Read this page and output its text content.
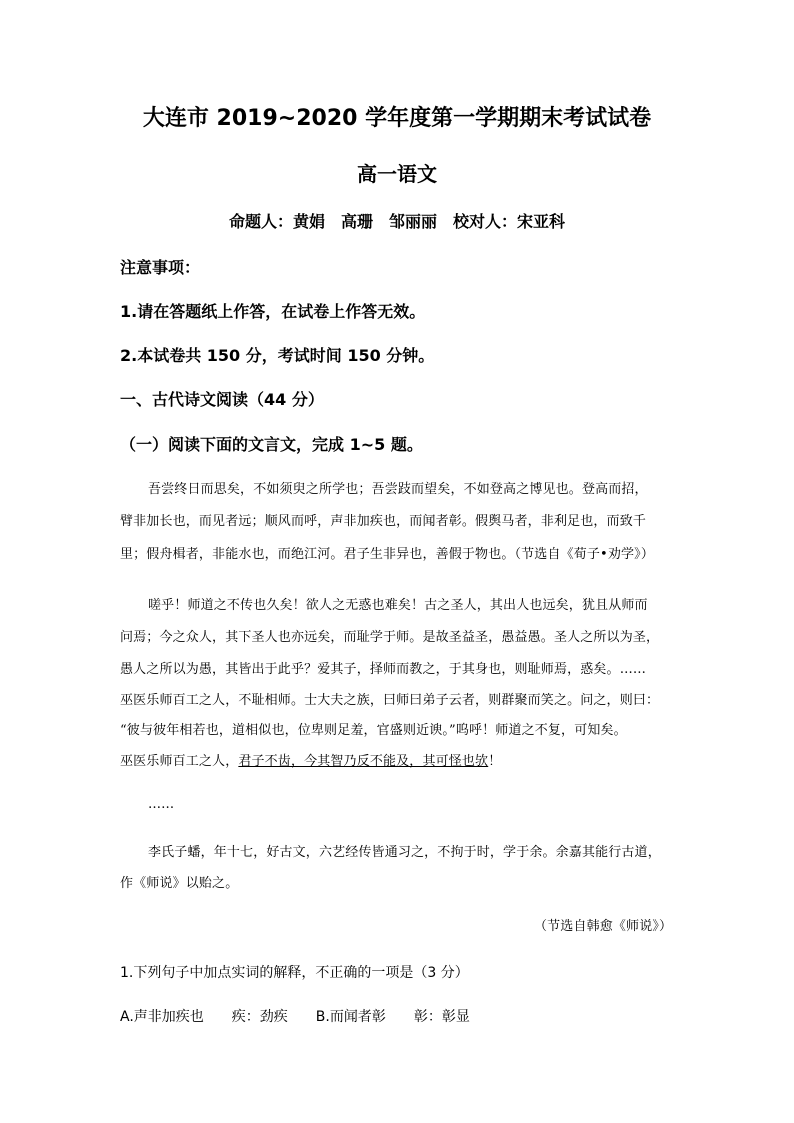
大连市 2019~2020 学年度第一学期期末考试试卷
高一语文
命题人：黄娟　高珊　邹丽丽　校对人：宋亚科
注意事项：
1.请在答题纸上作答，在试卷上作答无效。
2.本试卷共 150 分，考试时间 150 分钟。
一、古代诗文阅读（44 分）
（一）阅读下面的文言文，完成 1~5 题。
吾尝终日而思矣，不如须臾之所学也；吾尝跂而望矣，不如登高之博见也。登高而招，
臂非加长也，而见者远；顺风而呼，声非加疾也，而闻者彰。假舆马者，非利足也，而致千
里；假舟楫者，非能水也，而绝江河。君子生非异也，善假于物也。（节选自《荀子•劝学》）
嗟乎！师道之不传也久矣！欲人之无惑也难矣！古之圣人，其出人也远矣，犹且从师而
问焉；今之众人，其下圣人也亦远矣，而耻学于师。是故圣益圣，愚益愚。圣人之所以为圣，
愚人之所以为愚，其皆出于此乎？爱其子，择师而教之，于其身也，则耻师焉，惑矣。……
巫医乐师百工之人，不耻相师。士大夫之族，曰师曰弟子云者，则群聚而笑之。问之，则曰：
“彼与彼年相若也，道相似也，位卑则足羞，官盛则近谀。”呜呼！师道之不复，可知矣。
巫医乐师百工之人，君子不齿，今其智乃反不能及，其可怪也欤！
……
李氏子蟠，年十七，好古文，六艺经传皆通习之，不拘于时，学于余。余嘉其能行古道，
作《师说》以贻之。
（节选自韩愈《师说》）
1.下列句子中加点实词的解释，不正确的一项是（3 分）
A.声非加疾也　　疾：劲疾　　B.而闻者彰　　彰：彰显
